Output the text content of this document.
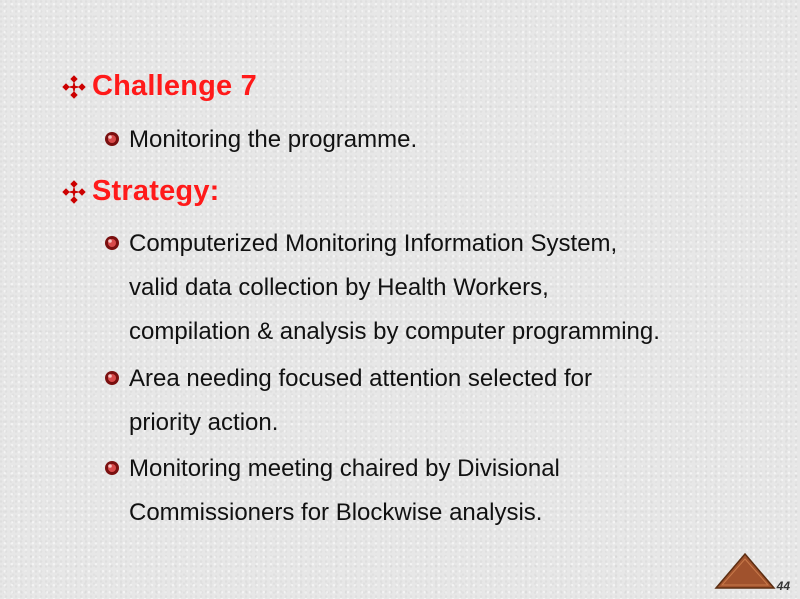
Challenge 7
Monitoring the programme.
Strategy:
Computerized Monitoring Information System,
valid data collection by Health Workers,
compilation & analysis by computer programming.
Area needing focused attention selected for
priority action.
Monitoring meeting chaired by Divisional
Commissioners for Blockwise analysis.
44
